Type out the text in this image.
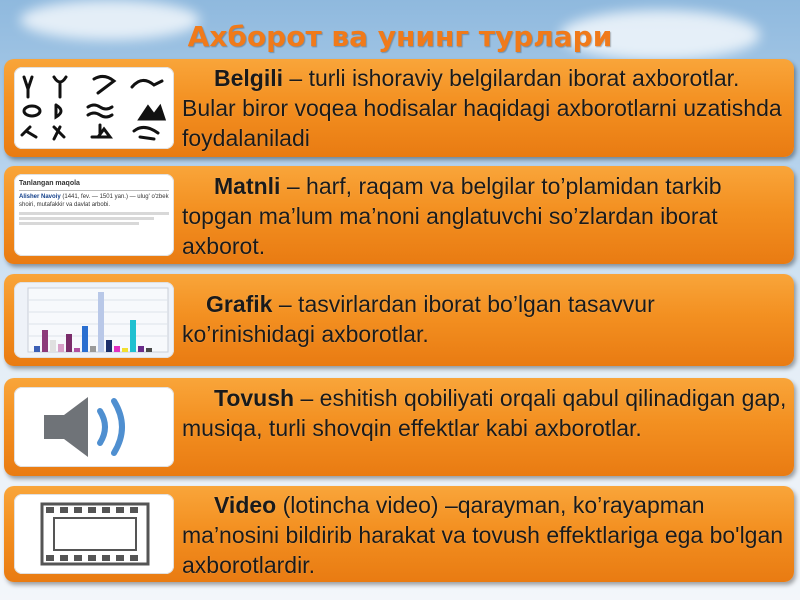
Ахборот ва унинг турлари
Belgili – turli ishoraviy belgilardan iborat axborotlar. Bular biror voqea hodisalar haqidagi axborotlarni uzatishda foydalaniladi
Tanlangan maqola
Alisher Navoiy (1441, fev. — 1501 yan.) — ulug' o'zbek shoiri, mutafakkir va davlat arbobi.
Matnli – harf, raqam va belgilar to’plamidan tarkib topgan ma’lum ma’noni anglatuvchi so’zlardan iborat axborot.
Grafik – tasvirlardan iborat bo’lgan tasavvur ko’rinishidagi axborotlar.
Tovush – eshitish qobiliyati orqali qabul qilinadigan gap, musiqa, turli shovqin effektlar kabi axborotlar.
Video (lotincha video) –qarayman, ko’rayapman ma’nosini bildirib harakat va tovush effektlariga ega bo'lgan axborotlardir.
